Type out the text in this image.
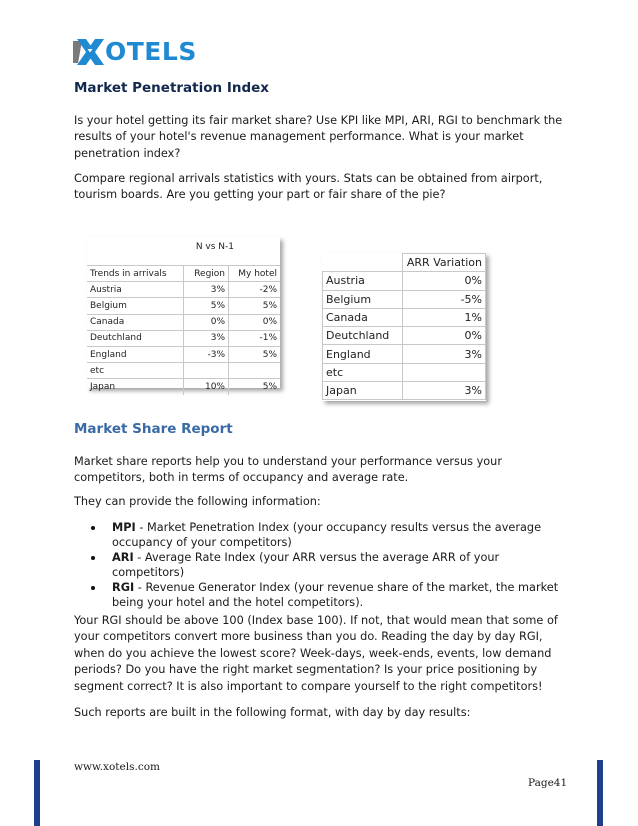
OTELS
Market Penetration Index

Is your hotel getting its fair market share? Use KPI like MPI, ARI, RGI to benchmark the results of your hotel's revenue management performance. What is your market penetration index?

Compare regional arrivals statistics with yours. Stats can be obtained from airport, tourism boards. Are you getting your part or fair share of the pie?

N vs N-1
Trends in arrivals	Region	My hotel
Austria	3%	-2%
Belgium	5%	5%
Canada	0%	0%
Deutchland	3%	-1%
England	-3%	5%
etc		
Japan	10%	5%
	ARR Variation
Austria	0%
Belgium	-5%
Canada	1%
Deutchland	0%
England	3%
etc	
Japan	3%
Market Share Report

Market share reports help you to understand your performance versus your competitors, both in terms of occupancy and average rate.

They can provide the following information:

MPI - Market Penetration Index (your occupancy results versus the average occupancy of your competitors)
ARI - Average Rate Index (your ARR versus the average ARR of your competitors)
RGI - Revenue Generator Index (your revenue share of the market, the market being your hotel and the hotel competitors).

Your RGI should be above 100 (Index base 100). If not, that would mean that some of your competitors convert more business than you do. Reading the day by day RGI, when do you achieve the lowest score? Week-days, week-ends, events, low demand periods? Do you have the right market segmentation? Is your price positioning by segment correct? It is also important to compare yourself to the right competitors!

Such reports are built in the following format, with day by day results:

www.xotels.com
Page41
